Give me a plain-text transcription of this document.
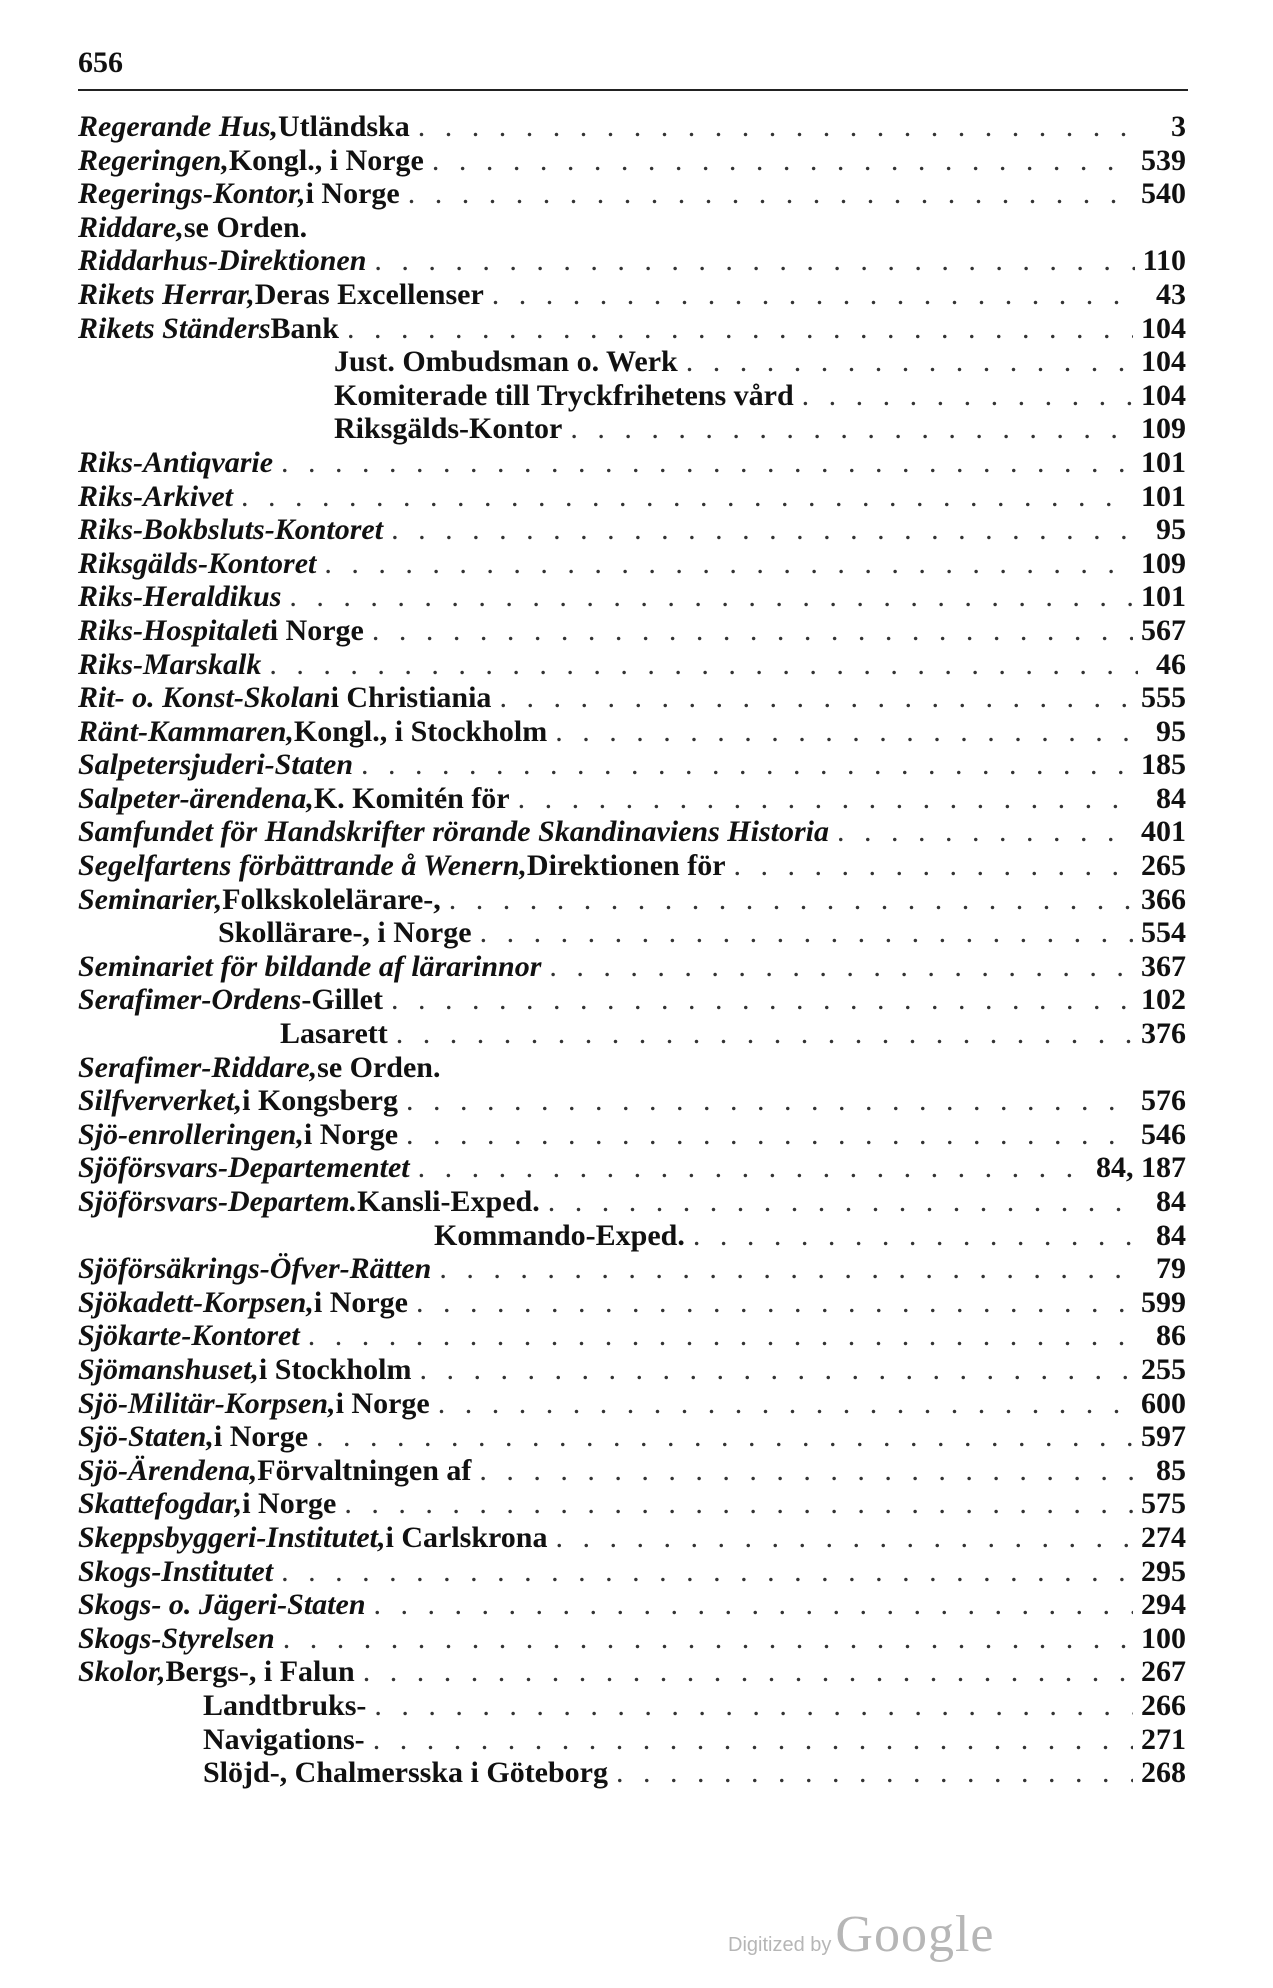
656
Regerande Hus, Utländska . . .	3
Regeringen, Kongl., i Norge . . .	539
Regerings-Kontor, i Norge . . .	540
Riddare, se Orden.
Riddarhus-Direktionen . . .	110
Rikets Herrar, Deras Excellenser . . .	43
Rikets Ständers Bank . . .	104
Just. Ombudsman o. Werk . . .	104
Komiterade till Tryckfrihetens vård . . .	104
Riksgälds-Kontor . . .	109
Riks-Antiqvarie . . .	101
Riks-Arkivet . . .	101
Riks-Bokbsluts-Kontoret . . .	95
Riksgälds-Kontoret . . .	109
Riks-Heraldikus . . .	101
Riks-Hospitalet i Norge . . .	567
Riks-Marskalk . . .	46
Rit- o. Konst-Skolan i Christiania . . .	555
Ränt-Kammaren, Kongl., i Stockholm . . .	95
Salpetersjuderi-Staten . . .	185
Salpeter-ärendena, K. Komitén för . . .	84
Samfundet för Handskrifter rörande Skandinaviens Historia . . .	401
Segelfartens förbättrande å Wenern, Direktionen för . . .	265
Seminarier, Folkskolelärare-, . . .	366
Skollärare-, i Norge . . .	554
Seminariet för bildande af lärarinnor . . .	367
Serafimer-Ordens -Gillet . . .	102
Lasarett . . .	376
Serafimer-Riddare, se Orden.
Silfververket, i Kongsberg . . .	576
Sjö-enrolleringen, i Norge . . .	546
Sjöförsvars-Departementet . . .	84, 187
Sjöförsvars-Departem. Kansli-Exped. . . .	84
Kommando-Exped. . . .	84
Sjöförsäkrings-Öfver-Rätten . . .	79
Sjökadett-Korpsen, i Norge . . .	599
Sjökarte-Kontoret . . .	86
Sjömanshuset, i Stockholm . . .	255
Sjö-Militär-Korpsen, i Norge . . .	600
Sjö-Staten, i Norge . . .	597
Sjö-Ärendena, Förvaltningen af . . .	85
Skattefogdar, i Norge . . .	575
Skeppsbyggeri-Institutet, i Carlskrona . . .	274
Skogs-Institutet . . .	295
Skogs- o. Jägeri-Staten . . .	294
Skogs-Styrelsen . . .	100
Skolor, Bergs-, i Falun . . .	267
Landtbruks- . . .	266
Navigations- . . .	271
Slöjd-, Chalmersska i Göteborg . . .	268
Digitized by Google
